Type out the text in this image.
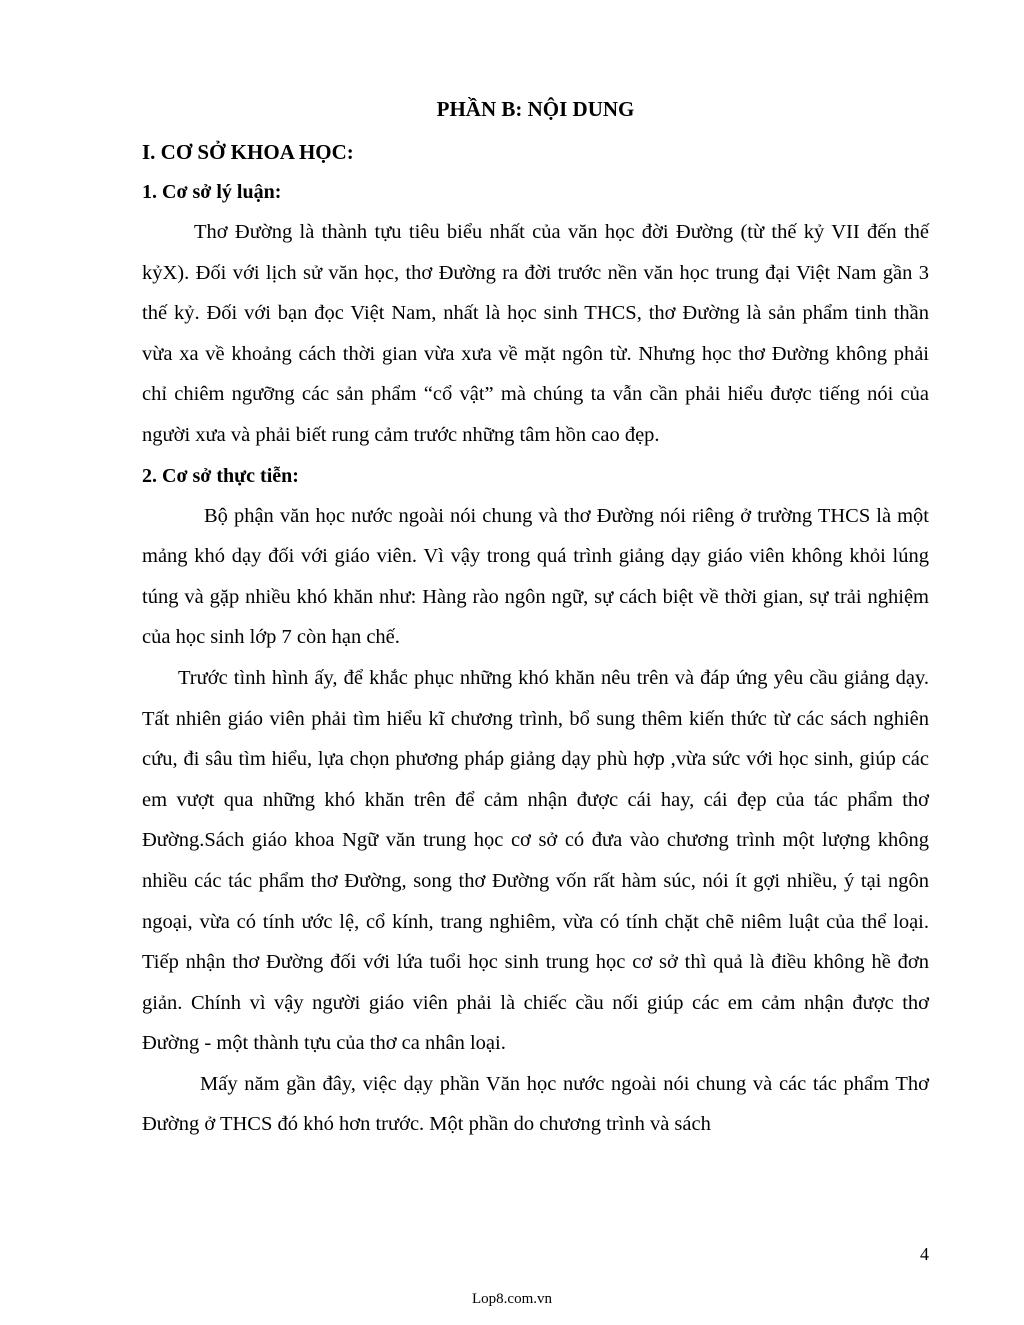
PHẦN B: NỘI DUNG
I. CƠ SỞ KHOA HỌC:
1. Cơ sở lý luận:

Thơ Đường là thành tựu tiêu biểu nhất của văn học đời Đường (từ thế kỷ VII đến thế kỷX). Đối với lịch sử văn học, thơ Đường ra đời trước nền văn học trung đại Việt Nam gần 3 thế kỷ. Đối với bạn đọc Việt Nam, nhất là học sinh THCS, thơ Đường là sản phẩm tinh thần vừa xa về khoảng cách thời gian vừa xưa về mặt ngôn từ. Nhưng học thơ Đường không phải chỉ chiêm ngưỡng các sản phẩm “cổ vật” mà chúng ta vẫn cần phải hiểu được tiếng nói của người xưa và phải biết rung cảm trước những tâm hồn cao đẹp.

2. Cơ sở thực tiễn:

Bộ phận văn học nước ngoài nói chung và thơ Đường nói riêng ở trường THCS là một mảng khó dạy đối với giáo viên. Vì vậy trong quá trình giảng dạy giáo viên không khỏi lúng túng và gặp nhiều khó khăn như: Hàng rào ngôn ngữ, sự cách biệt về thời gian, sự trải nghiệm của học sinh lớp 7 còn hạn chế.

Trước tình hình ấy, để khắc phục những khó khăn nêu trên và đáp ứng yêu cầu giảng dạy. Tất nhiên giáo viên phải tìm hiểu kĩ chương trình, bổ sung thêm kiến thức từ các sách nghiên cứu, đi sâu tìm hiểu, lựa chọn phương pháp giảng dạy phù hợp ,vừa sức với học sinh, giúp các em vượt qua những khó khăn trên để cảm nhận được cái hay, cái đẹp của tác phẩm thơ Đường.Sách giáo khoa Ngữ văn trung học cơ sở có đưa vào chương trình một lượng không nhiều các tác phẩm thơ Đường, song thơ Đường vốn rất hàm súc, nói ít gợi nhiều, ý tại ngôn ngoại, vừa có tính ước lệ, cổ kính, trang nghiêm, vừa có tính chặt chẽ niêm luật của thể loại. Tiếp nhận thơ Đường đối với lứa tuổi học sinh trung học cơ sở thì quả là điều không hề đơn giản. Chính vì vậy người giáo viên phải là chiếc cầu nối giúp các em cảm nhận được thơ Đường - một thành tựu của thơ ca nhân loại.

Mấy năm gần đây, việc dạy phần Văn học nước ngoài nói chung và các tác phẩm Thơ Đường ở THCS đó khó hơn trước. Một phần do chương trình và sách

4
Lop8.com.vn
